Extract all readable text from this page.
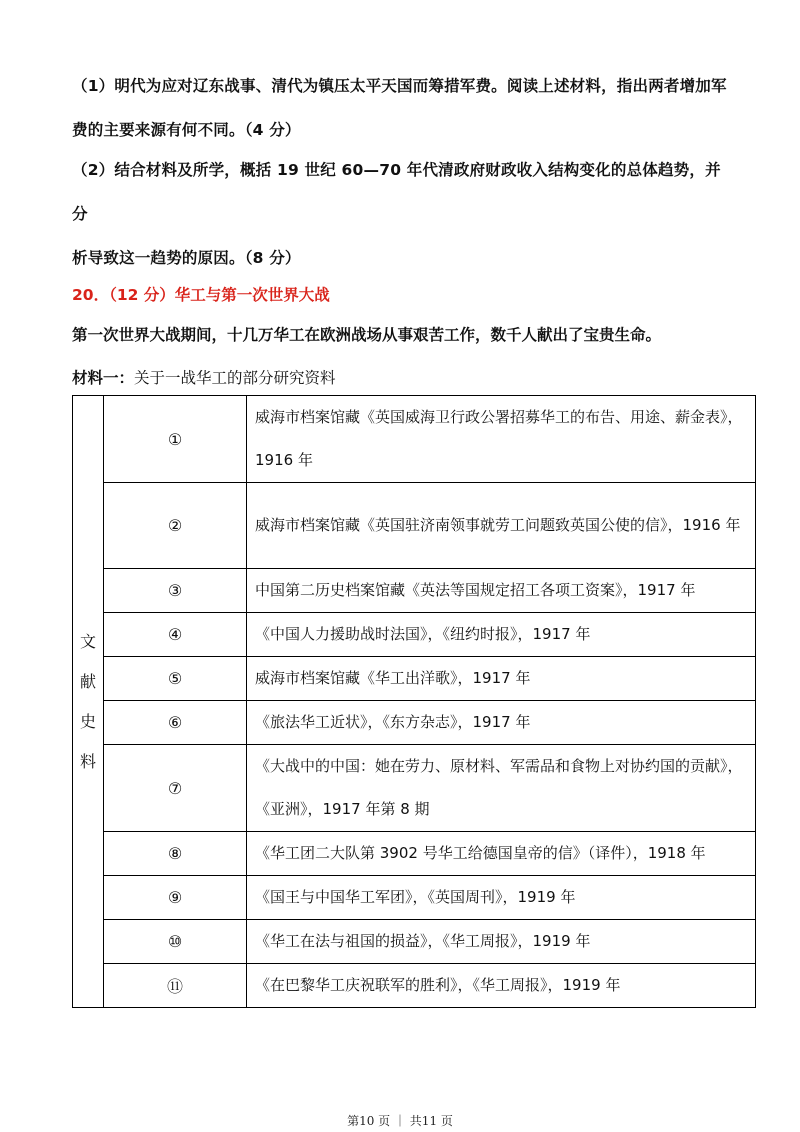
（1）明代为应对辽东战事、清代为镇压太平天国而筹措军费。阅读上述材料，指出两者增加军
费的主要来源有何不同。（4 分）
（2）结合材料及所学，概括 19 世纪 60—70 年代清政府财政收入结构变化的总体趋势，并分
析导致这一趋势的原因。（8 分）
20．（12 分）华工与第一次世界大战
第一次世界大战期间，十几万华工在欧洲战场从事艰苦工作，数千人献出了宝贵生命。
材料一：关于一战华工的部分研究资料
文
献
史
料	①	威海市档案馆藏《英国威海卫行政公署招募华工的布告、用途、薪金表》，1916 年
	②	威海市档案馆藏《英国驻济南领事就劳工问题致英国公使的信》，1916 年
	③	中国第二历史档案馆藏《英法等国规定招工各项工资案》，1917 年
	④	《中国人力援助战时法国》，《纽约时报》，1917 年
	⑤	威海市档案馆藏《华工出洋歌》，1917 年
	⑥	《旅法华工近状》，《东方杂志》，1917 年
	⑦	《大战中的中国：她在劳力、原材料、军需品和食物上对协约国的贡献》，《亚洲》，1917 年第 8 期
	⑧	《华工团二大队第 3902 号华工给德国皇帝的信》（译件），1918 年
	⑨	《国王与中国华工军团》，《英国周刊》，1919 年
	⑩	《华工在法与祖国的损益》，《华工周报》，1919 年
	⑪	《在巴黎华工庆祝联军的胜利》，《华工周报》，1919 年
第10 页 ｜ 共11 页
